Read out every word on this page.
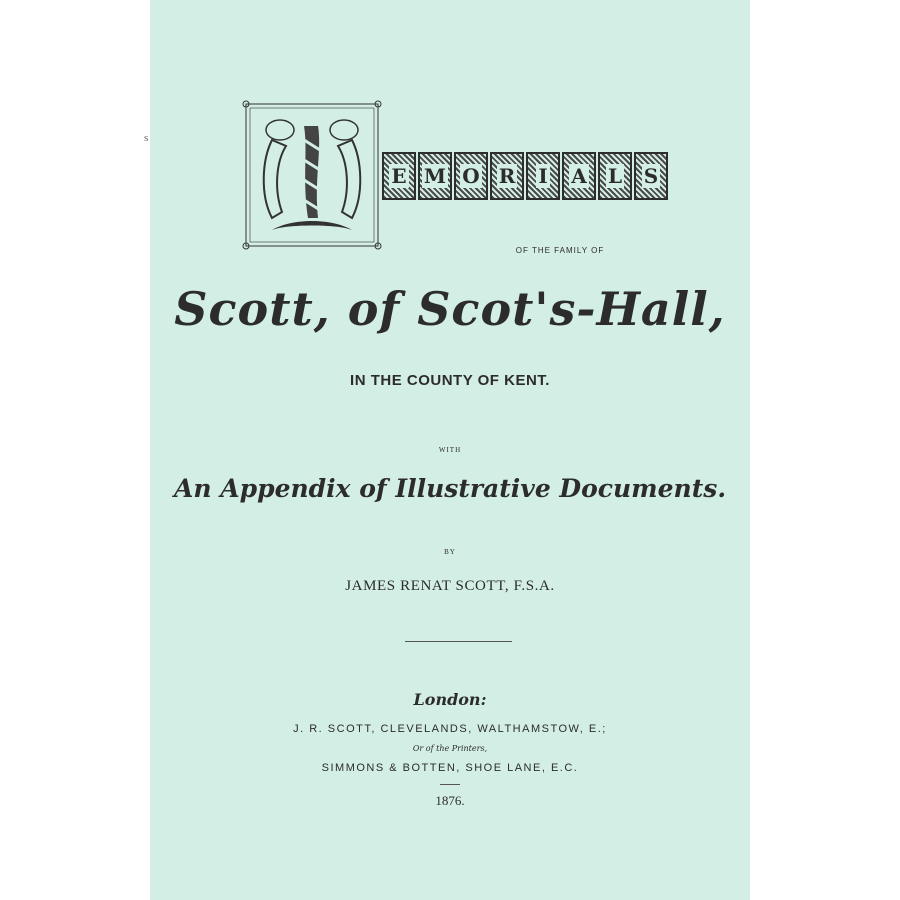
E M O R I A L S
OF THE FAMILY OF
Scott, of Scot's-Hall,
IN THE COUNTY OF KENT.
WITH
An Appendix of Illustrative Documents.
BY
JAMES RENAT SCOTT, F.S.A.
London:
J. R. SCOTT, CLEVELANDS, WALTHAMSTOW, E.;
Or of the Printers,
SIMMONS & BOTTEN, SHOE LANE, E.C.
1876.
s
